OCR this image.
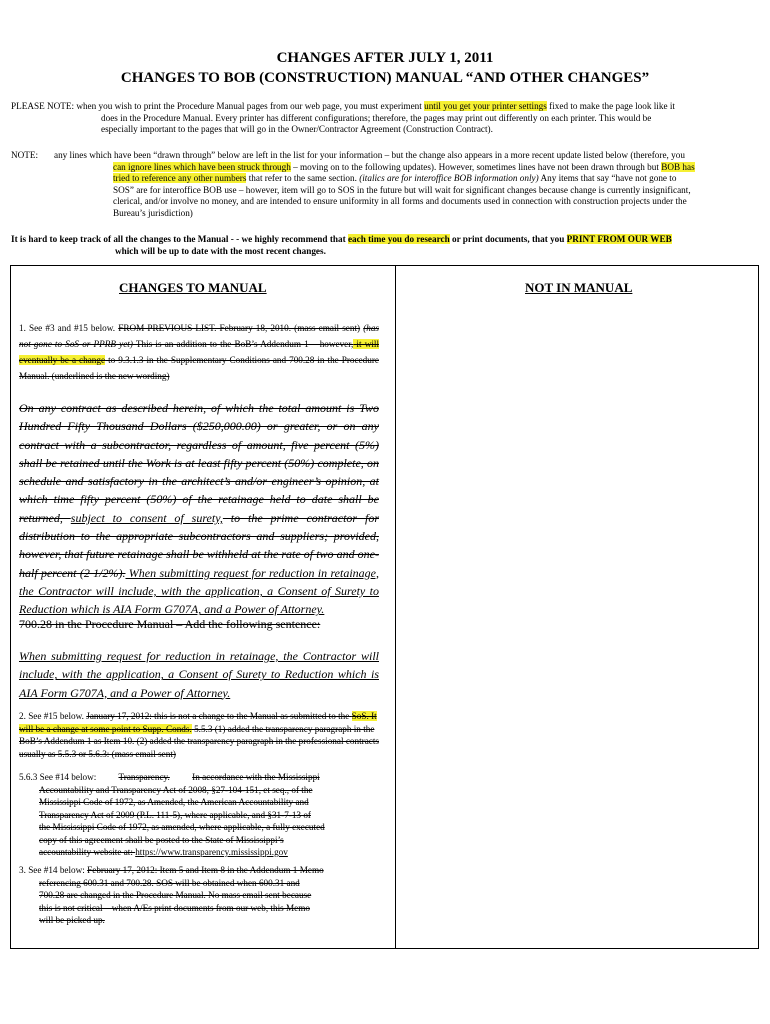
CHANGES AFTER JULY 1, 2011
CHANGES TO BOB (CONSTRUCTION) MANUAL “AND OTHER CHANGES”
PLEASE NOTE: when you wish to print the Procedure Manual pages from our web page, you must experiment until you get your printer settings fixed to make the page look like it
does in the Procedure Manual. Every printer has different configurations; therefore, the pages may print out differently on each printer. This would be
especially important to the pages that will go in the Owner/Contractor Agreement (Construction Contract).
NOTE: any lines which have been “drawn through” below are left in the list for your information – but the change also appears in a more recent update listed below (therefore, you
can ignore lines which have been struck through – moving on to the following updates). However, sometimes lines have not been drawn through but BOB has
tried to reference any other numbers that refer to the same section. (italics are for interoffice BOB information only) Any items that say “have not gone to
SOS” are for interoffice BOB use – however, item will go to SOS in the future but will wait for significant changes because change is currently insignificant,
clerical, and/or involve no money, and are intended to ensure uniformity in all forms and documents used in connection with construction projects under the
Bureau’s jurisdiction)
It is hard to keep track of all the changes to the Manual - - we highly recommend that each time you do research or print documents, that you PRINT FROM OUR WEB
which will be up to date with the most recent changes.
CHANGES TO MANUAL	NOT IN MANUAL
1. See #3 and #15 below. FROM PREVIOUS LIST. February 18, 2010. (mass email sent) (has not gone to SoS or PPRB yet) This is an addition to the BoB’s Addendum 1 – however, it will eventually be a change to 9.3.1.3 in the Supplementary Conditions and 700.28 in the Procedure Manual. (underlined is the new wording)
On any contract as described herein, of which the total amount is Two Hundred Fifty Thousand Dollars ($250,000.00) or greater, or on any contract with a subcontractor, regardless of amount, five percent (5%) shall be retained until the Work is at least fifty percent (50%) complete, on schedule and satisfactory in the architect’s and/or engineer’s opinion, at which time fifty percent (50%) of the retainage held to date shall be returned, subject to consent of surety, to the prime contractor for distribution to the appropriate subcontractors and suppliers; provided, however, that future retainage shall be withheld at the rate of two and one-half percent (2 1/2%). When submitting request for reduction in retainage, the Contractor will include, with the application, a Consent of Surety to Reduction which is AIA Form G707A, and a Power of Attorney.
700.28 in the Procedure Manual – Add the following sentence:
When submitting request for reduction in retainage, the Contractor will include, with the application, a Consent of Surety to Reduction which is AIA Form G707A, and a Power of Attorney.
2. See #15 below. January 17, 2012: this is not a change to the Manual as submitted to the SoS. It will be a change at some point to Supp. Conds. 5.5.3 (1) added the transparency paragraph in the BoB’s Addendum 1 as Item 10. (2) added the transparency paragraph in the professional contracts usually as 5.5.3 or 5.6.3: (mass email sent)
5.6.3 See #14 below: Transparency. In accordance with the Mississippi
Accountability and Transparency Act of 2008, §27-104-151, et seq., of the
Mississippi Code of 1972, as Amended, the American Accountability and
Transparency Act of 2009 (P.L. 111-5), where applicable, and §31-7-13 of
the Mississippi Code of 1972, as amended, where applicable, a fully executed
copy of this agreement shall be posted to the State of Mississippi’s
accountability website at: https://www.transparency.mississippi.gov
3. See #14 below: February 17, 2012: Item 5 and Item 8 in the Addendum 1 Memo
referencing 600.31 and 700.28. SOS will be obtained when 600.31 and
700.28 are changed in the Procedure Manual. No mass email sent because
this is not critical – when A/Es print documents from our web, this Memo
will be picked up.
